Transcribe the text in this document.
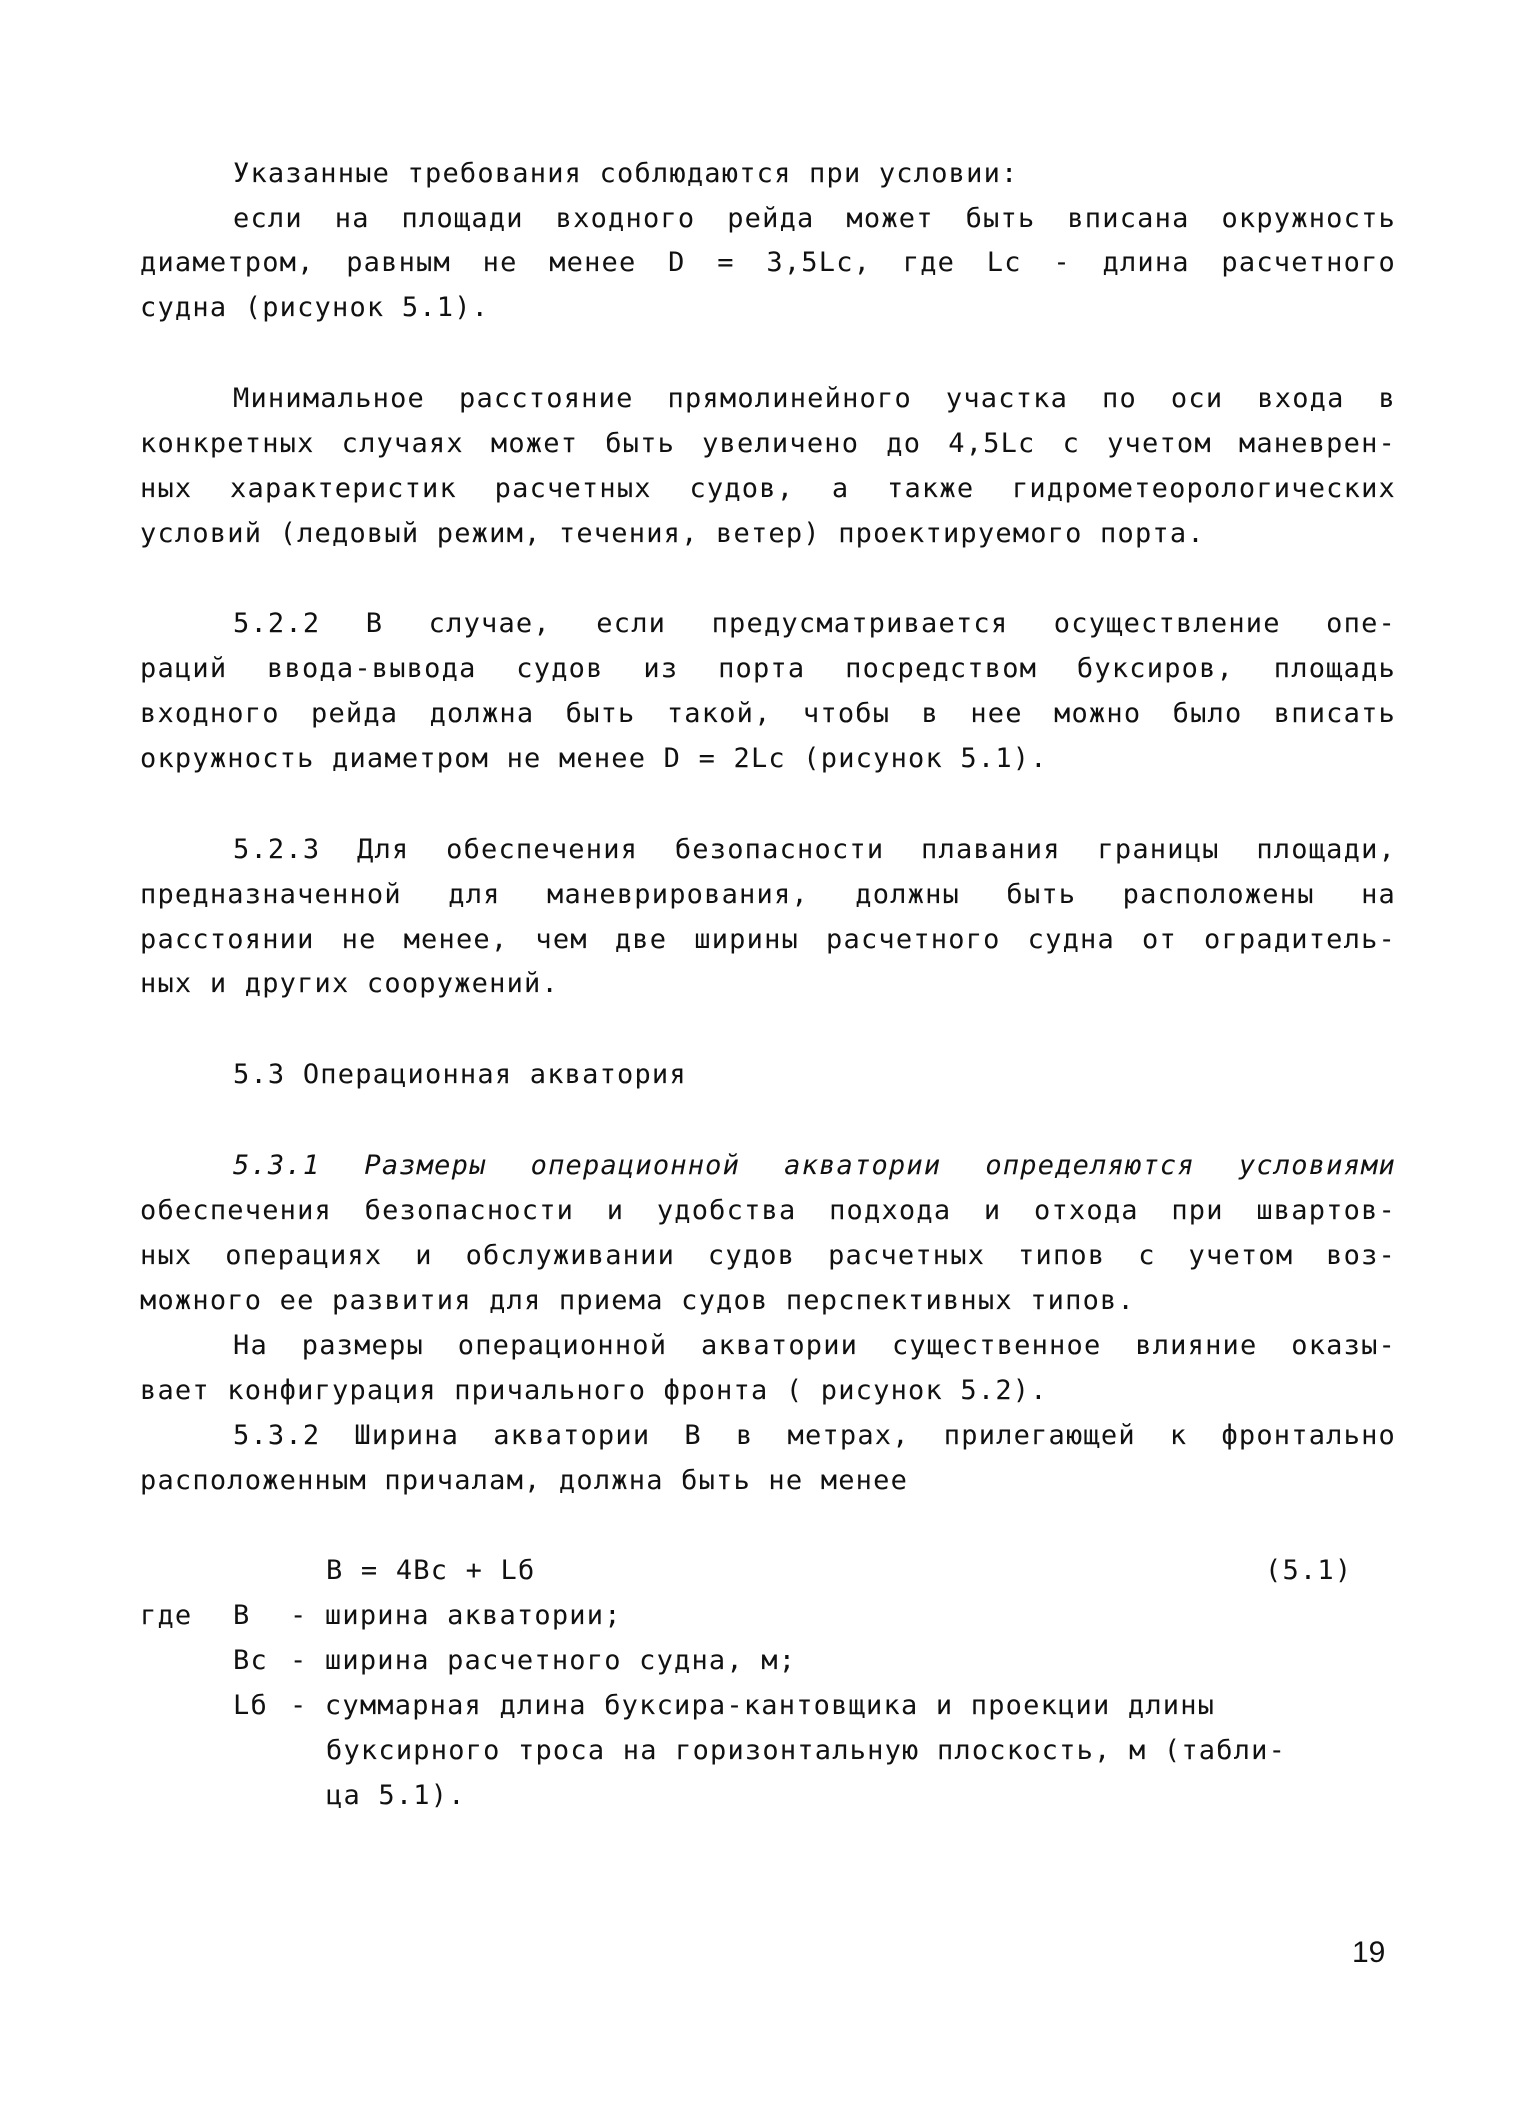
Указанные требования соблюдаются при условии:
если на площади входного рейда может быть вписана окружность
диаметром, равным не менее D = 3,5Lc, где Lc - длина расчетного
судна (рисунок 5.1).
Минимальное расстояние прямолинейного участка по оси входа в
конкретных случаях может быть увеличено до 4,5Lc с учетом маневрен-
ных характеристик расчетных судов, а также гидрометеорологических
условий (ледовый режим, течения, ветер) проектируемого порта.
5.2.2 В случае, если предусматривается осуществление опе-
раций ввода-вывода судов из порта посредством буксиров, площадь
входного рейда должна быть такой, чтобы в нее можно было вписать
окружность диаметром не менее D = 2Lc (рисунок 5.1).
5.2.3 Для обеспечения безопасности плавания границы площади,
предназначенной для маневрирования, должны быть расположены на
расстоянии не менее, чем две ширины расчетного судна от оградитель-
ных и других сооружений.
5.3 Операционная акватория
5.3.1 Размеры операционной акватории определяются условиями
обеспечения безопасности и удобства подхода и отхода при швартов-
ных операциях и обслуживании судов расчетных типов с учетом воз-
можного ее развития для приема судов перспективных типов.
На размеры операционной акватории существенное влияние оказы-
вает конфигурация причального фронта ( рисунок 5.2).
5.3.2 Ширина акватории B в метрах, прилегающей к фронтально
расположенным причалам, должна быть не менее
B = 4Bc + Lб	(5.1)
где B - ширина акватории;
Bc - ширина расчетного судна, м;
Lб - суммарная длина буксира-кантовщика и проекции длины
буксирного троса на горизонтальную плоскость, м (табли-
ца 5.1).
19
